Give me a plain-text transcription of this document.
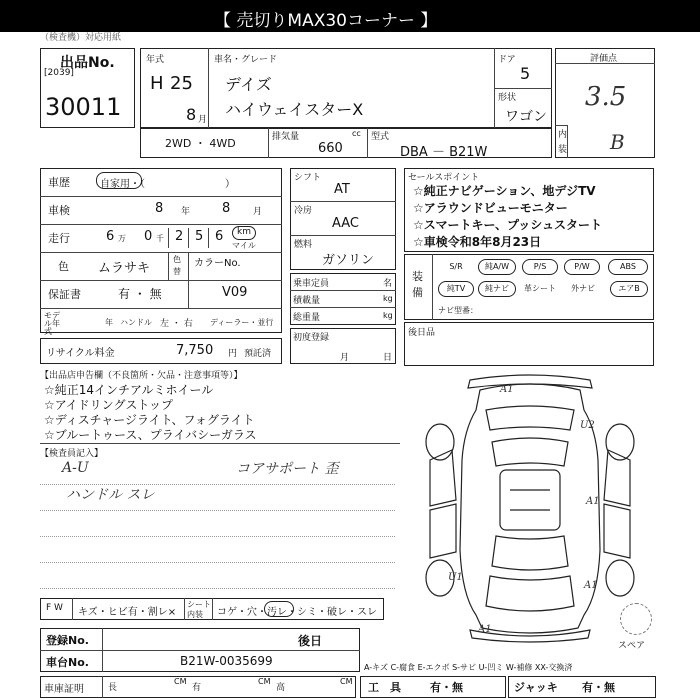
【 売切りMAX30コーナー 】
（検査機）対応用紙
出品No.
[2039]
30011
年式
H 25
8 月
車名・グレード
デイズ
ハイウェイスターX
ドア
5
形状
ワゴン
評価点
3.5
内
装 B
2WD ・ 4WD	排気量	cc
660
型式
DBA － B21W
車歴	自家用・（　　　　　　　　）
車検	8 年 8	月
走行	6 万 0 千 2 5 6 km
マイル
色 ムラサキ
色
替
カラーNo.
V09
保証書	有 ・ 無
モデル年式
年 ハンドル 左 ・ 右 ディーラー・並行
リサイクル料金	7,750 円 預託済
シフト
AT
冷房
AAC
燃料
ガソリン
乗車定員	名
積載量	kg
総重量	kg
初度登録
月	日
セールスポイント
☆純正ナビゲーション、地デジTV
☆アラウンドビューモニター
☆スマートキー、プッシュスタート
☆車検令和8年8月23日
装
備
S/R	純A/W	P/S	P/W	ABS
純TV	純ナビ	革シート	外ナビ	エアB
ナビ型番：
後日品
【出品店申告欄（不良箇所・欠品・注意事項等）】
☆純正14インチアルミホイール
☆アイドリングストップ
☆ディスチャージライト、フォグライト
☆ブルートゥース、プライバシーガラス
【検査員記入】
A-U
ハンドル スレ
コアサポート 歪
A1
U2
A1
U1
A1
A1
スペア
F W キズ・ヒビ有・割レ×
シート
内装 コゲ・穴・汚レ・シミ・破レ・スレ
登録No.	後日
車台No.	B21W-0035699	A-キズ C-腐食 E-エクボ S-サビ U-凹ミ W-補修 XX-交換済
車庫証明	長
CM
有
CM
高
CM 工　具	有・無	ジャッキ 有・無
